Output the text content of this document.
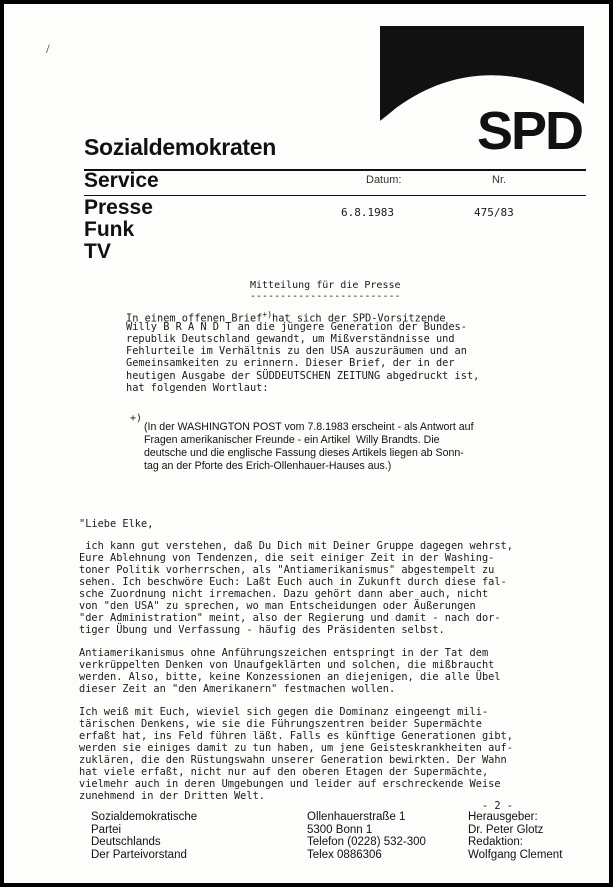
/
Sozialdemokraten	SPD
Service
Presse
Funk
TV
Datum:	Nr.
6.8.1983	475/83
Mitteilung für die Presse
-------------------------
In einem offenen Brief+)hat sich der SPD-Vorsitzende
Willy B R A N D T an die jüngere Generation der Bundes-
republik Deutschland gewandt, um Mißverständnisse und
Fehlurteile im Verhältnis zu den USA auszuräumen und an
Gemeinsamkeiten zu erinnern. Dieser Brief, der in der
heutigen Ausgabe der SÜDDEUTSCHEN ZEITUNG abgedruckt ist,
hat folgenden Wortlaut:
+)
(In der WASHINGTON POST vom 7.8.1983 erscheint - als Antwort auf
Fragen amerikanischer Freunde - ein Artikel  Willy Brandts. Die
deutsche und die englische Fassung dieses Artikels liegen ab Sonn-
tag an der Pforte des Erich-Ollenhauer-Hauses aus.)
"Liebe Elke,
ich kann gut verstehen, daß Du Dich mit Deiner Gruppe dagegen wehrst,
Eure Ablehnung von Tendenzen, die seit einiger Zeit in der Washing-
toner Politik vorherrschen, als "Antiamerikanismus" abgestempelt zu
sehen. Ich beschwöre Euch: Laßt Euch auch in Zukunft durch diese fal-
sche Zuordnung nicht irremachen. Dazu gehört dann aber auch, nicht
von "den USA" zu sprechen, wo man Entscheidungen oder Äußerungen
"der Administration" meint, also der Regierung und damit - nach dor-
tiger Übung und Verfassung - häufig des Präsidenten selbst.
Antiamerikanismus ohne Anführungszeichen entspringt in der Tat dem
verkrüppelten Denken von Unaufgeklärten und solchen, die mißbraucht
werden. Also, bitte, keine Konzessionen an diejenigen, die alle Übel
dieser Zeit an "den Amerikanern" festmachen wollen.
Ich weiß mit Euch, wieviel sich gegen die Dominanz eingeengt mili-
tärischen Denkens, wie sie die Führungszentren beider Supermächte
erfaßt hat, ins Feld führen läßt. Falls es künftige Generationen gibt,
werden sie einiges damit zu tun haben, um jene Geisteskrankheiten auf-
zuklären, die den Rüstungswahn unserer Generation bewirkten. Der Wahn
hat viele erfaßt, nicht nur auf den oberen Etagen der Supermächte,
vielmehr auch in deren Umgebungen und leider auf erschreckende Weise
zunehmend in der Dritten Welt.
- 2 -
Sozialdemokratische
Partei
Deutschlands
Der Parteivorstand
Ollenhauerstraße 1
5300 Bonn 1
Telefon (0228) 532-300
Telex 0886306
Herausgeber:
Dr. Peter Glotz
Redaktion:
Wolfgang Clement
